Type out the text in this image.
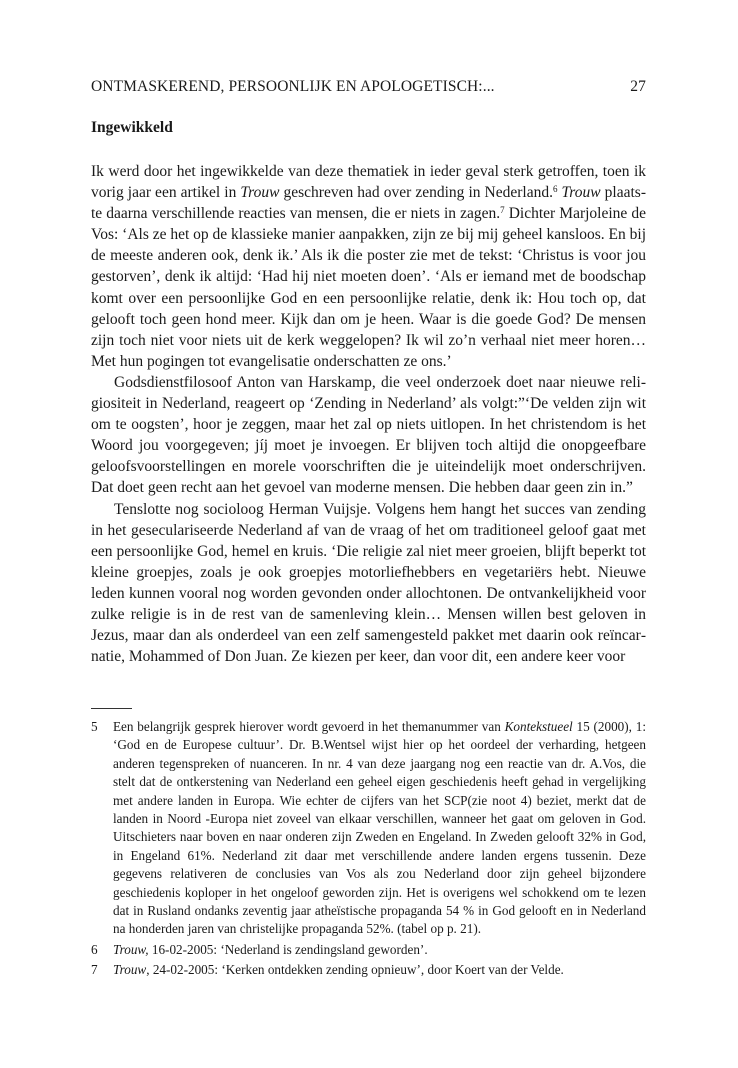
ONTMASKEREND, PERSOONLIJK EN APOLOGETISCH:...	27
Ingewikkeld

Ik werd door het ingewikkelde van deze thematiek in ieder geval sterk getroffen, toen ik vorig jaar een artikel in Trouw geschreven had over zending in Nederland.$^6$ Trouw plaatste daarna verschillende reacties van mensen, die er niets in zagen.$^7$ Dichter Marjoleine de Vos: ‘Als ze het op de klassieke manier aanpakken, zijn ze bij mij geheel kansloos. En bij de meeste anderen ook, denk ik.’ Als ik die poster zie met de tekst: ‘Christus is voor jou gestorven’, denk ik altijd: ‘Had hij niet moeten doen’. ‘Als er iemand met de boodschap komt over een persoonlijke God en een persoonlijke relatie, denk ik: Hou toch op, dat gelooft toch geen hond meer. Kijk dan om je heen. Waar is die goede God? De mensen zijn toch niet voor niets uit de kerk weggelopen? Ik wil zo’n verhaal niet meer horen… Met hun pogingen tot evangelisatie onderschatten ze ons.’

Godsdienstfilosoof Anton van Harskamp, die veel onderzoek doet naar nieuwe religiositeit in Nederland, reageert op ‘Zending in Nederland’ als volgt:”‘De velden zijn wit om te oogsten’, hoor je zeggen, maar het zal op niets uitlopen. In het christendom is het Woord jou voorgegeven; jíj moet je invoegen. Er blijven toch altijd die onopgeefbare geloofsvoorstellingen en morele voorschriften die je uiteindelijk moet onderschrijven. Dat doet geen recht aan het gevoel van moderne mensen. Die hebben daar geen zin in.”

Tenslotte nog socioloog Herman Vuijsje. Volgens hem hangt het succes van zending in het geseculariseerde Nederland af van de vraag of het om traditioneel geloof gaat met een persoonlijke God, hemel en kruis. ‘Die religie zal niet meer groeien, blijft beperkt tot kleine groepjes, zoals je ook groepjes motorliefhebbers en vegetariërs hebt. Nieuwe leden kunnen vooral nog worden gevonden onder allochtonen. De ontvankelijkheid voor zulke religie is in de rest van de samenleving klein… Mensen willen best geloven in Jezus, maar dan als onderdeel van een zelf samengesteld pakket met daarin ook reïncarnatie, Mohammed of Don Juan. Ze kiezen per keer, dan voor dit, een andere keer voor

5	Een belangrijk gesprek hierover wordt gevoerd in het themanummer van Kontekstueel 15 (2000), 1: ‘God en de Europese cultuur’. Dr. B.Wentsel wijst hier op het oordeel der verharding, hetgeen anderen tegenspreken of nuanceren. In nr. 4 van deze jaargang nog een reactie van dr. A.Vos, die stelt dat de ontkerstening van Nederland een geheel eigen geschiedenis heeft gehad in vergelijking met andere landen in Europa. Wie echter de cijfers van het SCP(zie noot 4) beziet, merkt dat de landen in Noord -Europa niet zoveel van elkaar verschillen, wanneer het gaat om geloven in God. Uitschieters naar boven en naar onderen zijn Zweden en Engeland. In Zweden gelooft 32% in God, in Engeland 61%. Nederland zit daar met verschillende andere landen ergens tussenin. Deze gegevens relativeren de conclusies van Vos als zou Nederland door zijn geheel bijzondere geschiedenis koploper in het ongeloof geworden zijn. Het is overigens wel schokkend om te lezen dat in Rusland ondanks zeventig jaar atheïstische propaganda 54 % in God gelooft en in Nederland na honderden jaren van christelijke propaganda 52%. (tabel op p. 21).
6	Trouw, 16-02-2005: ‘Nederland is zendingsland geworden’.
7	Trouw, 24-02-2005: ‘Kerken ontdekken zending opnieuw’, door Koert van der Velde.
